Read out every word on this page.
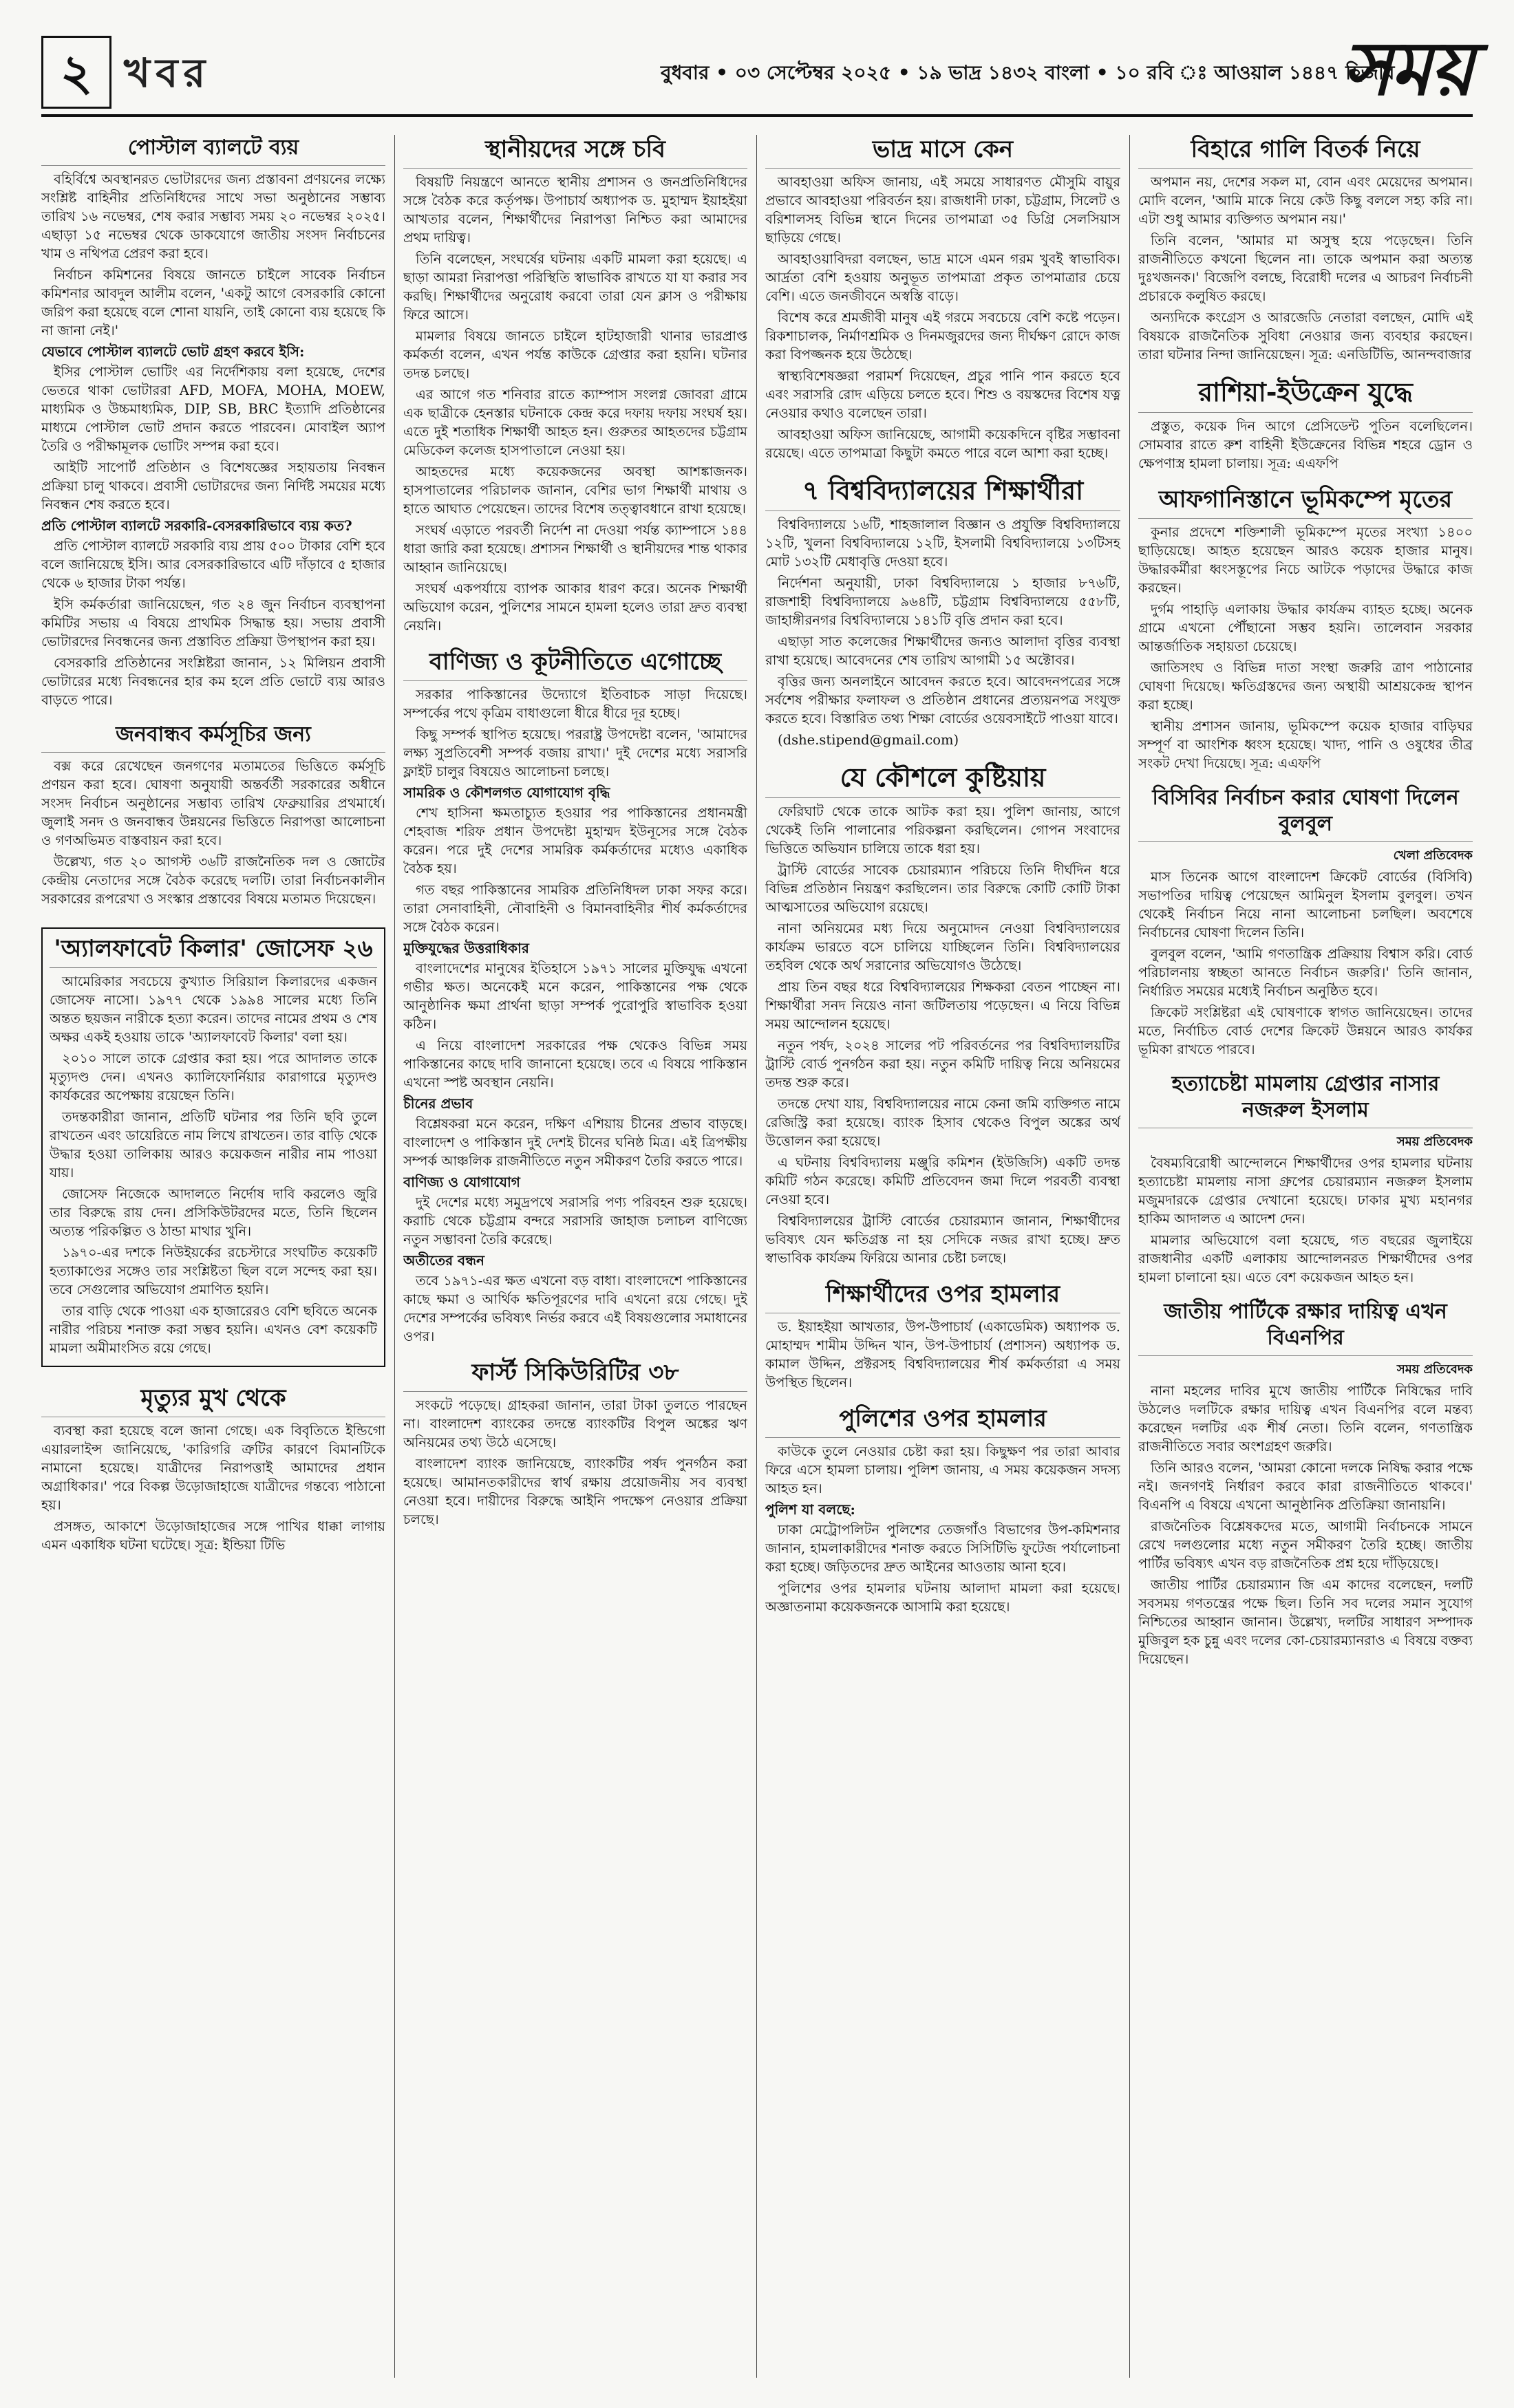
২ খবর	বুধবার • ০৩ সেপ্টেম্বর ২০২৫ • ১৯ ভাদ্র ১৪৩২ বাংলা • ১০ রবি ঃ আওয়াল ১৪৪৭ হিজরি
সময়
পোস্টাল ব্যালটে ব্যয়

বহির্বিশ্বে অবস্থানরত ভোটারদের জন্য প্রস্তাবনা প্রণয়নের লক্ষ্যে সংশ্লিষ্ট বাহিনীর প্রতিনিধিদের সাথে সভা অনুষ্ঠানের সম্ভাব্য তারিখ ১৬ নভেম্বর, শেষ করার সম্ভাব্য সময় ২০ নভেম্বর ২০২৫। এছাড়া ১৫ নভেম্বর থেকে ডাকযোগে জাতীয় সংসদ নির্বাচনের খাম ও নথিপত্র প্রেরণ করা হবে।

নির্বাচন কমিশনের বিষয়ে জানতে চাইলে সাবেক নির্বাচন কমিশনার আবদুল আলীম বলেন, 'একটু আগে বেসরকারি কোনো জরিপ করা হয়েছে বলে শোনা যায়নি, তাই কোনো ব্যয় হয়েছে কি না জানা নেই।'

যেভাবে পোস্টাল ব্যালটে ভোট গ্রহণ করবে ইসি:

ইসির পোস্টাল ভোটিং এর নির্দেশিকায় বলা হয়েছে, দেশের ভেতরে থাকা ভোটাররা AFD, MOFA, MOHA, MOEW, মাধ্যমিক ও উচ্চমাধ্যমিক, DIP, SB, BRC ইত্যাদি প্রতিষ্ঠানের মাধ্যমে পোস্টাল ভোট প্রদান করতে পারবেন। মোবাইল অ্যাপ তৈরি ও পরীক্ষামূলক ভোটিং সম্পন্ন করা হবে।

আইটি সাপোর্ট প্রতিষ্ঠান ও বিশেষজ্ঞের সহায়তায় নিবন্ধন প্রক্রিয়া চালু থাকবে। প্রবাসী ভোটারদের জন্য নির্দিষ্ট সময়ের মধ্যে নিবন্ধন শেষ করতে হবে।

প্রতি পোস্টাল ব্যালটে সরকারি-বেসরকারিভাবে ব্যয় কত?

প্রতি পোস্টাল ব্যালটে সরকারি ব্যয় প্রায় ৫০০ টাকার বেশি হবে বলে জানিয়েছে ইসি। আর বেসরকারিভাবে এটি দাঁড়াবে ৫ হাজার থেকে ৬ হাজার টাকা পর্যন্ত।

ইসি কর্মকর্তারা জানিয়েছেন, গত ২৪ জুন নির্বাচন ব্যবস্থাপনা কমিটির সভায় এ বিষয়ে প্রাথমিক সিদ্ধান্ত হয়। সভায় প্রবাসী ভোটারদের নিবন্ধনের জন্য প্রস্তাবিত প্রক্রিয়া উপস্থাপন করা হয়।

বেসরকারি প্রতিষ্ঠানের সংশ্লিষ্টরা জানান, ১২ মিলিয়ন প্রবাসী ভোটারের মধ্যে নিবন্ধনের হার কম হলে প্রতি ভোটে ব্যয় আরও বাড়তে পারে।

জনবান্ধব কর্মসূচির জন্য

বক্স করে রেখেছেন জনগণের মতামতের ভিত্তিতে কর্মসূচি প্রণয়ন করা হবে। ঘোষণা অনুযায়ী অন্তর্বর্তী সরকারের অধীনে সংসদ নির্বাচন অনুষ্ঠানের সম্ভাব্য তারিখ ফেব্রুয়ারির প্রথমার্ধে। জুলাই সনদ ও জনবান্ধব উন্নয়নের ভিত্তিতে নিরাপত্তা আলোচনা ও গণঅভিমত বাস্তবায়ন করা হবে।

উল্লেখ্য, গত ২০ আগস্ট ৩৬টি রাজনৈতিক দল ও জোটের কেন্দ্রীয় নেতাদের সঙ্গে বৈঠক করেছে দলটি। তারা নির্বাচনকালীন সরকারের রূপরেখা ও সংস্কার প্রস্তাবের বিষয়ে মতামত দিয়েছেন।

'অ্যালফাবেট কিলার' জোসেফ ২৬

আমেরিকার সবচেয়ে কুখ্যাত সিরিয়াল কিলারদের একজন জোসেফ নাসো। ১৯৭৭ থেকে ১৯৯৪ সালের মধ্যে তিনি অন্তত ছয়জন নারীকে হত্যা করেন। তাদের নামের প্রথম ও শেষ অক্ষর একই হওয়ায় তাকে 'অ্যালফাবেট কিলার' বলা হয়।

২০১০ সালে তাকে গ্রেপ্তার করা হয়। পরে আদালত তাকে মৃত্যুদণ্ড দেন। এখনও ক্যালিফোর্নিয়ার কারাগারে মৃত্যুদণ্ড কার্যকরের অপেক্ষায় রয়েছেন তিনি।

তদন্তকারীরা জানান, প্রতিটি ঘটনার পর তিনি ছবি তুলে রাখতেন এবং ডায়েরিতে নাম লিখে রাখতেন। তার বাড়ি থেকে উদ্ধার হওয়া তালিকায় আরও কয়েকজন নারীর নাম পাওয়া যায়।

জোসেফ নিজেকে আদালতে নির্দোষ দাবি করলেও জুরি তার বিরুদ্ধে রায় দেন। প্রসিকিউটরদের মতে, তিনি ছিলেন অত্যন্ত পরিকল্পিত ও ঠান্ডা মাথার খুনি।

১৯৭০-এর দশকে নিউইয়র্কের রচেস্টারে সংঘটিত কয়েকটি হত্যাকাণ্ডের সঙ্গেও তার সংশ্লিষ্টতা ছিল বলে সন্দেহ করা হয়। তবে সেগুলোর অভিযোগ প্রমাণিত হয়নি।

তার বাড়ি থেকে পাওয়া এক হাজারেরও বেশি ছবিতে অনেক নারীর পরিচয় শনাক্ত করা সম্ভব হয়নি। এখনও বেশ কয়েকটি মামলা অমীমাংসিত রয়ে গেছে।

মৃত্যুর মুখ থেকে

ব্যবস্থা করা হয়েছে বলে জানা গেছে। এক বিবৃতিতে ইন্ডিগো এয়ারলাইন্স জানিয়েছে, 'কারিগরি ত্রুটির কারণে বিমানটিকে নামানো হয়েছে। যাত্রীদের নিরাপত্তাই আমাদের প্রধান অগ্রাধিকার।' পরে বিকল্প উড়োজাহাজে যাত্রীদের গন্তব্যে পাঠানো হয়।

প্রসঙ্গত, আকাশে উড়োজাহাজের সঙ্গে পাখির ধাক্কা লাগায় এমন একাধিক ঘটনা ঘটেছে। সূত্র: ইন্ডিয়া টিভি

স্থানীয়দের সঙ্গে চবি

বিষয়টি নিয়ন্ত্রণে আনতে স্থানীয় প্রশাসন ও জনপ্রতিনিধিদের সঙ্গে বৈঠক করে কর্তৃপক্ষ। উপাচার্য অধ্যাপক ড. মুহাম্মদ ইয়াহইয়া আখতার বলেন, শিক্ষার্থীদের নিরাপত্তা নিশ্চিত করা আমাদের প্রথম দায়িত্ব।

তিনি বলেছেন, সংঘর্ষের ঘটনায় একটি মামলা করা হয়েছে। এ ছাড়া আমরা নিরাপত্তা পরিস্থিতি স্বাভাবিক রাখতে যা যা করার সব করছি। শিক্ষার্থীদের অনুরোধ করবো তারা যেন ক্লাস ও পরীক্ষায় ফিরে আসে।

মামলার বিষয়ে জানতে চাইলে হাটহাজারী থানার ভারপ্রাপ্ত কর্মকর্তা বলেন, এখন পর্যন্ত কাউকে গ্রেপ্তার করা হয়নি। ঘটনার তদন্ত চলছে।

এর আগে গত শনিবার রাতে ক্যাম্পাস সংলগ্ন জোবরা গ্রামে এক ছাত্রীকে হেনস্তার ঘটনাকে কেন্দ্র করে দফায় দফায় সংঘর্ষ হয়। এতে দুই শতাধিক শিক্ষার্থী আহত হন। গুরুতর আহতদের চট্টগ্রাম মেডিকেল কলেজ হাসপাতালে নেওয়া হয়।

আহতদের মধ্যে কয়েকজনের অবস্থা আশঙ্কাজনক। হাসপাতালের পরিচালক জানান, বেশির ভাগ শিক্ষার্থী মাথায় ও হাতে আঘাত পেয়েছেন। তাদের বিশেষ তত্ত্বাবধানে রাখা হয়েছে।

সংঘর্ষ এড়াতে পরবর্তী নির্দেশ না দেওয়া পর্যন্ত ক্যাম্পাসে ১৪৪ ধারা জারি করা হয়েছে। প্রশাসন শিক্ষার্থী ও স্থানীয়দের শান্ত থাকার আহ্বান জানিয়েছে।

সংঘর্ষ একপর্যায়ে ব্যাপক আকার ধারণ করে। অনেক শিক্ষার্থী অভিযোগ করেন, পুলিশের সামনে হামলা হলেও তারা দ্রুত ব্যবস্থা নেয়নি।

বাণিজ্য ও কূটনীতিতে এগোচ্ছে

সরকার পাকিস্তানের উদ্যোগে ইতিবাচক সাড়া দিয়েছে। সম্পর্কের পথে কৃত্রিম বাধাগুলো ধীরে ধীরে দূর হচ্ছে।

কিছু সম্পর্ক স্থাপিত হয়েছে। পররাষ্ট্র উপদেষ্টা বলেন, 'আমাদের লক্ষ্য সুপ্রতিবেশী সম্পর্ক বজায় রাখা।' দুই দেশের মধ্যে সরাসরি ফ্লাইট চালুর বিষয়েও আলোচনা চলছে।

সামরিক ও কৌশলগত যোগাযোগ বৃদ্ধি

শেখ হাসিনা ক্ষমতাচ্যুত হওয়ার পর পাকিস্তানের প্রধানমন্ত্রী শেহবাজ শরিফ প্রধান উপদেষ্টা মুহাম্মদ ইউনূসের সঙ্গে বৈঠক করেন। পরে দুই দেশের সামরিক কর্মকর্তাদের মধ্যেও একাধিক বৈঠক হয়।

গত বছর পাকিস্তানের সামরিক প্রতিনিধিদল ঢাকা সফর করে। তারা সেনাবাহিনী, নৌবাহিনী ও বিমানবাহিনীর শীর্ষ কর্মকর্তাদের সঙ্গে বৈঠক করেন।

মুক্তিযুদ্ধের উত্তরাধিকার

বাংলাদেশের মানুষের ইতিহাসে ১৯৭১ সালের মুক্তিযুদ্ধ এখনো গভীর ক্ষত। অনেকেই মনে করেন, পাকিস্তানের পক্ষ থেকে আনুষ্ঠানিক ক্ষমা প্রার্থনা ছাড়া সম্পর্ক পুরোপুরি স্বাভাবিক হওয়া কঠিন।

এ নিয়ে বাংলাদেশ সরকারের পক্ষ থেকেও বিভিন্ন সময় পাকিস্তানের কাছে দাবি জানানো হয়েছে। তবে এ বিষয়ে পাকিস্তান এখনো স্পষ্ট অবস্থান নেয়নি।

চীনের প্রভাব

বিশ্লেষকরা মনে করেন, দক্ষিণ এশিয়ায় চীনের প্রভাব বাড়ছে। বাংলাদেশ ও পাকিস্তান দুই দেশই চীনের ঘনিষ্ঠ মিত্র। এই ত্রিপক্ষীয় সম্পর্ক আঞ্চলিক রাজনীতিতে নতুন সমীকরণ তৈরি করতে পারে।

বাণিজ্য ও যোগাযোগ

দুই দেশের মধ্যে সমুদ্রপথে সরাসরি পণ্য পরিবহন শুরু হয়েছে। করাচি থেকে চট্টগ্রাম বন্দরে সরাসরি জাহাজ চলাচল বাণিজ্যে নতুন সম্ভাবনা তৈরি করেছে।

অতীতের বন্ধন

তবে ১৯৭১-এর ক্ষত এখনো বড় বাধা। বাংলাদেশে পাকিস্তানের কাছে ক্ষমা ও আর্থিক ক্ষতিপূরণের দাবি এখনো রয়ে গেছে। দুই দেশের সম্পর্কের ভবিষ্যৎ নির্ভর করবে এই বিষয়গুলোর সমাধানের ওপর।

ফার্স্ট সিকিউরিটির ৩৮

সংকটে পড়েছে। গ্রাহকরা জানান, তারা টাকা তুলতে পারছেন না। বাংলাদেশ ব্যাংকের তদন্তে ব্যাংকটির বিপুল অঙ্কের ঋণ অনিয়মের তথ্য উঠে এসেছে।

বাংলাদেশ ব্যাংক জানিয়েছে, ব্যাংকটির পর্ষদ পুনর্গঠন করা হয়েছে। আমানতকারীদের স্বার্থ রক্ষায় প্রয়োজনীয় সব ব্যবস্থা নেওয়া হবে। দায়ীদের বিরুদ্ধে আইনি পদক্ষেপ নেওয়ার প্রক্রিয়া চলছে।

ভাদ্র মাসে কেন

আবহাওয়া অফিস জানায়, এই সময়ে সাধারণত মৌসুমি বায়ুর প্রভাবে আবহাওয়া পরিবর্তন হয়। রাজধানী ঢাকা, চট্টগ্রাম, সিলেট ও বরিশালসহ বিভিন্ন স্থানে দিনের তাপমাত্রা ৩৫ ডিগ্রি সেলসিয়াস ছাড়িয়ে গেছে।

আবহাওয়াবিদরা বলছেন, ভাদ্র মাসে এমন গরম খুবই স্বাভাবিক। আর্দ্রতা বেশি হওয়ায় অনুভূত তাপমাত্রা প্রকৃত তাপমাত্রার চেয়ে বেশি। এতে জনজীবনে অস্বস্তি বাড়ে।

বিশেষ করে শ্রমজীবী মানুষ এই গরমে সবচেয়ে বেশি কষ্টে পড়েন। রিকশাচালক, নির্মাণশ্রমিক ও দিনমজুরদের জন্য দীর্ঘক্ষণ রোদে কাজ করা বিপজ্জনক হয়ে উঠেছে।

স্বাস্থ্যবিশেষজ্ঞরা পরামর্শ দিয়েছেন, প্রচুর পানি পান করতে হবে এবং সরাসরি রোদ এড়িয়ে চলতে হবে। শিশু ও বয়স্কদের বিশেষ যত্ন নেওয়ার কথাও বলেছেন তারা।

আবহাওয়া অফিস জানিয়েছে, আগামী কয়েকদিনে বৃষ্টির সম্ভাবনা রয়েছে। এতে তাপমাত্রা কিছুটা কমতে পারে বলে আশা করা হচ্ছে।

৭ বিশ্ববিদ্যালয়ের শিক্ষার্থীরা

বিশ্ববিদ্যালয়ে ১৬টি, শাহজালাল বিজ্ঞান ও প্রযুক্তি বিশ্ববিদ্যালয়ে ১২টি, খুলনা বিশ্ববিদ্যালয়ে ১২টি, ইসলামী বিশ্ববিদ্যালয়ে ১৩টিসহ মোট ১৩২টি মেধাবৃত্তি দেওয়া হবে।

নির্দেশনা অনুযায়ী, ঢাকা বিশ্ববিদ্যালয়ে ১ হাজার ৮৭৬টি, রাজশাহী বিশ্ববিদ্যালয়ে ৯৬৪টি, চট্টগ্রাম বিশ্ববিদ্যালয়ে ৫৫৮টি, জাহাঙ্গীরনগর বিশ্ববিদ্যালয়ে ১৪১টি বৃত্তি প্রদান করা হবে।

এছাড়া সাত কলেজের শিক্ষার্থীদের জন্যও আলাদা বৃত্তির ব্যবস্থা রাখা হয়েছে। আবেদনের শেষ তারিখ আগামী ১৫ অক্টোবর।

বৃত্তির জন্য অনলাইনে আবেদন করতে হবে। আবেদনপত্রের সঙ্গে সর্বশেষ পরীক্ষার ফলাফল ও প্রতিষ্ঠান প্রধানের প্রত্যয়নপত্র সংযুক্ত করতে হবে। বিস্তারিত তথ্য শিক্ষা বোর্ডের ওয়েবসাইটে পাওয়া যাবে।

(dshe.stipend@gmail.com)

যে কৌশলে কুষ্টিয়ায়

ফেরিঘাট থেকে তাকে আটক করা হয়। পুলিশ জানায়, আগে থেকেই তিনি পালানোর পরিকল্পনা করছিলেন। গোপন সংবাদের ভিত্তিতে অভিযান চালিয়ে তাকে ধরা হয়।

ট্রাস্টি বোর্ডের সাবেক চেয়ারম্যান পরিচয়ে তিনি দীর্ঘদিন ধরে বিভিন্ন প্রতিষ্ঠান নিয়ন্ত্রণ করছিলেন। তার বিরুদ্ধে কোটি কোটি টাকা আত্মসাতের অভিযোগ রয়েছে।

নানা অনিয়মের মধ্য দিয়ে অনুমোদন নেওয়া বিশ্ববিদ্যালয়ের কার্যক্রম ভারতে বসে চালিয়ে যাচ্ছিলেন তিনি। বিশ্ববিদ্যালয়ের তহবিল থেকে অর্থ সরানোর অভিযোগও উঠেছে।

প্রায় তিন বছর ধরে বিশ্ববিদ্যালয়ের শিক্ষকরা বেতন পাচ্ছেন না। শিক্ষার্থীরা সনদ নিয়েও নানা জটিলতায় পড়েছেন। এ নিয়ে বিভিন্ন সময় আন্দোলন হয়েছে।

নতুন পর্ষদ, ২০২৪ সালের পট পরিবর্তনের পর বিশ্ববিদ্যালয়টির ট্রাস্টি বোর্ড পুনর্গঠন করা হয়। নতুন কমিটি দায়িত্ব নিয়ে অনিয়মের তদন্ত শুরু করে।

তদন্তে দেখা যায়, বিশ্ববিদ্যালয়ের নামে কেনা জমি ব্যক্তিগত নামে রেজিস্ট্রি করা হয়েছে। ব্যাংক হিসাব থেকেও বিপুল অঙ্কের অর্থ উত্তোলন করা হয়েছে।

এ ঘটনায় বিশ্ববিদ্যালয় মঞ্জুরি কমিশন (ইউজিসি) একটি তদন্ত কমিটি গঠন করেছে। কমিটি প্রতিবেদন জমা দিলে পরবর্তী ব্যবস্থা নেওয়া হবে।

বিশ্ববিদ্যালয়ের ট্রাস্টি বোর্ডের চেয়ারম্যান জানান, শিক্ষার্থীদের ভবিষ্যৎ যেন ক্ষতিগ্রস্ত না হয় সেদিকে নজর রাখা হচ্ছে। দ্রুত স্বাভাবিক কার্যক্রম ফিরিয়ে আনার চেষ্টা চলছে।

শিক্ষার্থীদের ওপর হামলার

ড. ইয়াহইয়া আখতার, উপ-উপাচার্য (একাডেমিক) অধ্যাপক ড. মোহাম্মদ শামীম উদ্দিন খান, উপ-উপাচার্য (প্রশাসন) অধ্যাপক ড. কামাল উদ্দিন, প্রক্টরসহ বিশ্ববিদ্যালয়ের শীর্ষ কর্মকর্তারা এ সময় উপস্থিত ছিলেন।

পুলিশের ওপর হামলার

কাউকে তুলে নেওয়ার চেষ্টা করা হয়। কিছুক্ষণ পর তারা আবার ফিরে এসে হামলা চালায়। পুলিশ জানায়, এ সময় কয়েকজন সদস্য আহত হন।

পুলিশ যা বলছে:

ঢাকা মেট্রোপলিটন পুলিশের তেজগাঁও বিভাগের উপ-কমিশনার জানান, হামলাকারীদের শনাক্ত করতে সিসিটিভি ফুটেজ পর্যালোচনা করা হচ্ছে। জড়িতদের দ্রুত আইনের আওতায় আনা হবে।

পুলিশের ওপর হামলার ঘটনায় আলাদা মামলা করা হয়েছে। অজ্ঞাতনামা কয়েকজনকে আসামি করা হয়েছে।

বিহারে গালি বিতর্ক নিয়ে

অপমান নয়, দেশের সকল মা, বোন এবং মেয়েদের অপমান। মোদি বলেন, 'আমি মাকে নিয়ে কেউ কিছু বললে সহ্য করি না। এটা শুধু আমার ব্যক্তিগত অপমান নয়।'

তিনি বলেন, 'আমার মা অসুস্থ হয়ে পড়েছেন। তিনি রাজনীতিতে কখনো ছিলেন না। তাকে অপমান করা অত্যন্ত দুঃখজনক।' বিজেপি বলছে, বিরোধী দলের এ আচরণ নির্বাচনী প্রচারকে কলুষিত করছে।

অন্যদিকে কংগ্রেস ও আরজেডি নেতারা বলছেন, মোদি এই বিষয়কে রাজনৈতিক সুবিধা নেওয়ার জন্য ব্যবহার করছেন। তারা ঘটনার নিন্দা জানিয়েছেন। সূত্র: এনডিটিভি, আনন্দবাজার

রাশিয়া-ইউক্রেন যুদ্ধে

প্রস্তুত, কয়েক দিন আগে প্রেসিডেন্ট পুতিন বলেছিলেন। সোমবার রাতে রুশ বাহিনী ইউক্রেনের বিভিন্ন শহরে ড্রোন ও ক্ষেপণাস্ত্র হামলা চালায়। সূত্র: এএফপি

আফগানিস্তানে ভূমিকম্পে মৃতের

কুনার প্রদেশে শক্তিশালী ভূমিকম্পে মৃতের সংখ্যা ১৪০০ ছাড়িয়েছে। আহত হয়েছেন আরও কয়েক হাজার মানুষ। উদ্ধারকর্মীরা ধ্বংসস্তূপের নিচে আটকে পড়াদের উদ্ধারে কাজ করছেন।

দুর্গম পাহাড়ি এলাকায় উদ্ধার কার্যক্রম ব্যাহত হচ্ছে। অনেক গ্রামে এখনো পৌঁছানো সম্ভব হয়নি। তালেবান সরকার আন্তর্জাতিক সহায়তা চেয়েছে।

জাতিসংঘ ও বিভিন্ন দাতা সংস্থা জরুরি ত্রাণ পাঠানোর ঘোষণা দিয়েছে। ক্ষতিগ্রস্তদের জন্য অস্থায়ী আশ্রয়কেন্দ্র স্থাপন করা হচ্ছে।

স্থানীয় প্রশাসন জানায়, ভূমিকম্পে কয়েক হাজার বাড়িঘর সম্পূর্ণ বা আংশিক ধ্বংস হয়েছে। খাদ্য, পানি ও ওষুধের তীব্র সংকট দেখা দিয়েছে। সূত্র: এএফপি

বিসিবির নির্বাচন করার ঘোষণা দিলেন বুলবুল
খেলা প্রতিবেদক

মাস তিনেক আগে বাংলাদেশ ক্রিকেট বোর্ডের (বিসিবি) সভাপতির দায়িত্ব পেয়েছেন আমিনুল ইসলাম বুলবুল। তখন থেকেই নির্বাচন নিয়ে নানা আলোচনা চলছিল। অবশেষে নির্বাচনের ঘোষণা দিলেন তিনি।

বুলবুল বলেন, 'আমি গণতান্ত্রিক প্রক্রিয়ায় বিশ্বাস করি। বোর্ড পরিচালনায় স্বচ্ছতা আনতে নির্বাচন জরুরি।' তিনি জানান, নির্ধারিত সময়ের মধ্যেই নির্বাচন অনুষ্ঠিত হবে।

ক্রিকেট সংশ্লিষ্টরা এই ঘোষণাকে স্বাগত জানিয়েছেন। তাদের মতে, নির্বাচিত বোর্ড দেশের ক্রিকেট উন্নয়নে আরও কার্যকর ভূমিকা রাখতে পারবে।

হত্যাচেষ্টা মামলায় গ্রেপ্তার নাসার নজরুল ইসলাম
সময় প্রতিবেদক

বৈষম্যবিরোধী আন্দোলনে শিক্ষার্থীদের ওপর হামলার ঘটনায় হত্যাচেষ্টা মামলায় নাসা গ্রুপের চেয়ারম্যান নজরুল ইসলাম মজুমদারকে গ্রেপ্তার দেখানো হয়েছে। ঢাকার মুখ্য মহানগর হাকিম আদালত এ আদেশ দেন।

মামলার অভিযোগে বলা হয়েছে, গত বছরের জুলাইয়ে রাজধানীর একটি এলাকায় আন্দোলনরত শিক্ষার্থীদের ওপর হামলা চালানো হয়। এতে বেশ কয়েকজন আহত হন।

জাতীয় পার্টিকে রক্ষার দায়িত্ব এখন বিএনপির
সময় প্রতিবেদক

নানা মহলের দাবির মুখে জাতীয় পার্টিকে নিষিদ্ধের দাবি উঠলেও দলটিকে রক্ষার দায়িত্ব এখন বিএনপির বলে মন্তব্য করেছেন দলটির এক শীর্ষ নেতা। তিনি বলেন, গণতান্ত্রিক রাজনীতিতে সবার অংশগ্রহণ জরুরি।

তিনি আরও বলেন, 'আমরা কোনো দলকে নিষিদ্ধ করার পক্ষে নই। জনগণই নির্ধারণ করবে কারা রাজনীতিতে থাকবে।' বিএনপি এ বিষয়ে এখনো আনুষ্ঠানিক প্রতিক্রিয়া জানায়নি।

রাজনৈতিক বিশ্লেষকদের মতে, আগামী নির্বাচনকে সামনে রেখে দলগুলোর মধ্যে নতুন সমীকরণ তৈরি হচ্ছে। জাতীয় পার্টির ভবিষ্যৎ এখন বড় রাজনৈতিক প্রশ্ন হয়ে দাঁড়িয়েছে।

জাতীয় পার্টির চেয়ারম্যান জি এম কাদের বলেছেন, দলটি সবসময় গণতন্ত্রের পক্ষে ছিল। তিনি সব দলের সমান সুযোগ নিশ্চিতের আহ্বান জানান। উল্লেখ্য, দলটির সাধারণ সম্পাদক মুজিবুল হক চুন্নু এবং দলের কো-চেয়ারম্যানরাও এ বিষয়ে বক্তব্য দিয়েছেন।
